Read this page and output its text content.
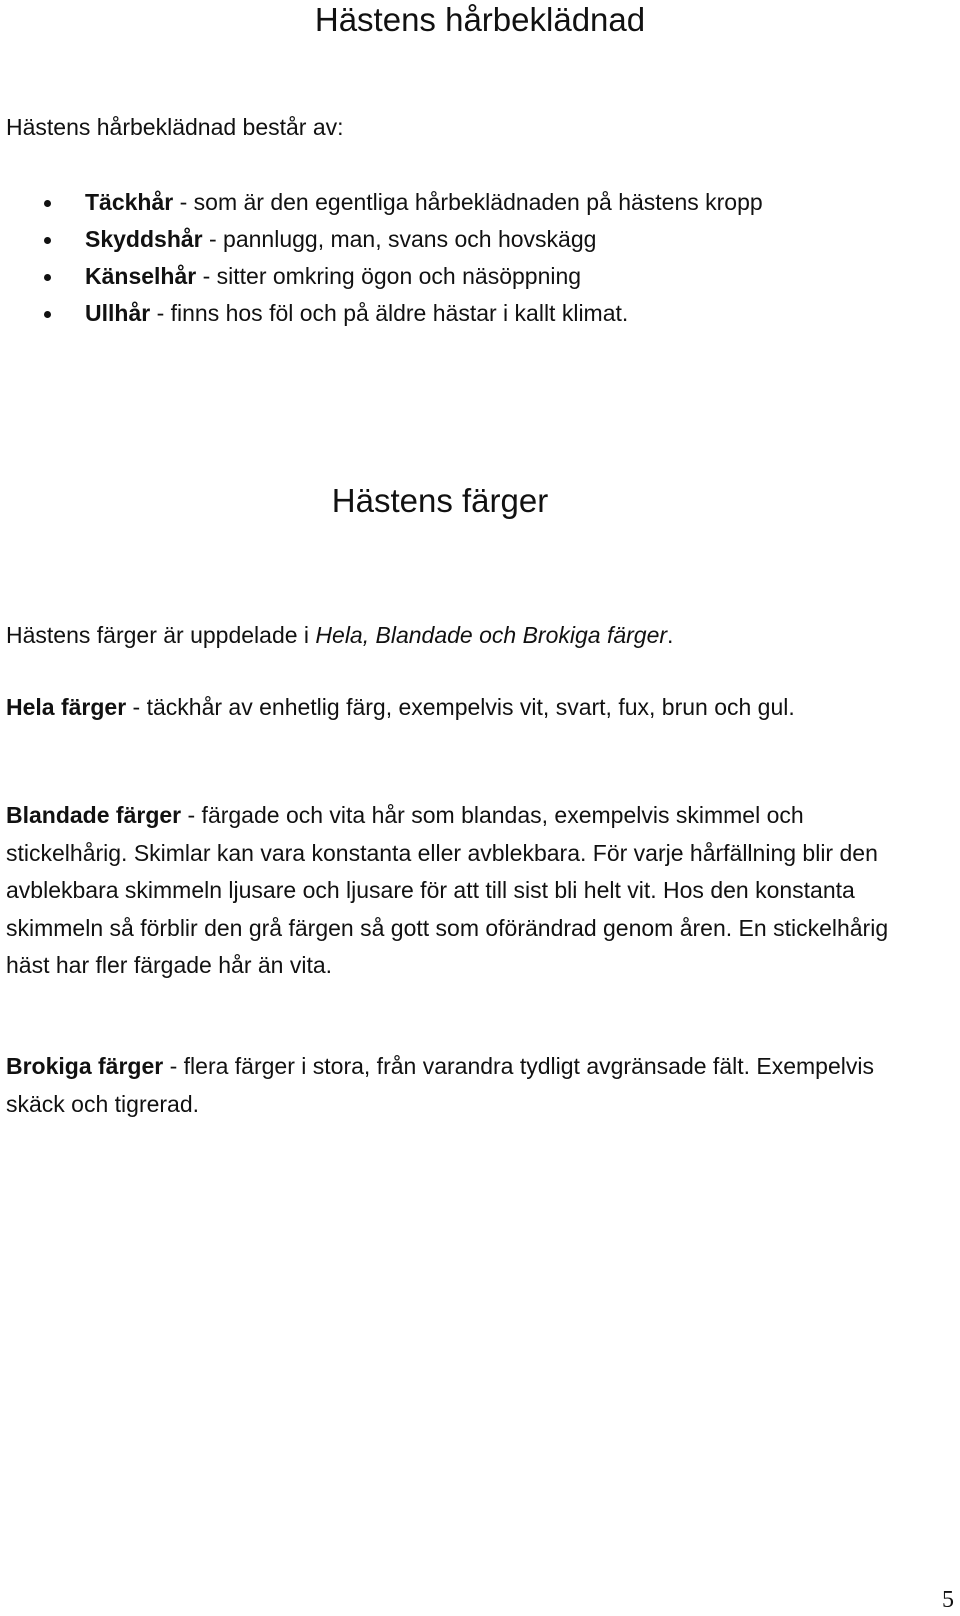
Hästens hårbeklädnad

Hästens hårbeklädnad består av:

Täckhår - som är den egentliga hårbeklädnaden på hästens kropp
Skyddshår - pannlugg, man, svans och hovskägg
Känselhår - sitter omkring ögon och näsöppning
Ullhår - finns hos föl och på äldre hästar i kallt klimat.
Hästens färger

Hästens färger är uppdelade i Hela, Blandade och Brokiga färger.

Hela färger - täckhår av enhetlig färg, exempelvis vit, svart, fux, brun och gul.

Blandade färger - färgade och vita hår som blandas, exempelvis skimmel och stickelhårig. Skimlar kan vara konstanta eller avblekbara. För varje hårfällning blir den avblekbara skimmeln ljusare och ljusare för att till sist bli helt vit. Hos den konstanta skimmeln så förblir den grå färgen så gott som oförändrad genom åren. En stickelhårig häst har fler färgade hår än vita.

Brokiga färger - flera färger i stora, från varandra tydligt avgränsade fält. Exempelvis skäck och tigrerad.

5
